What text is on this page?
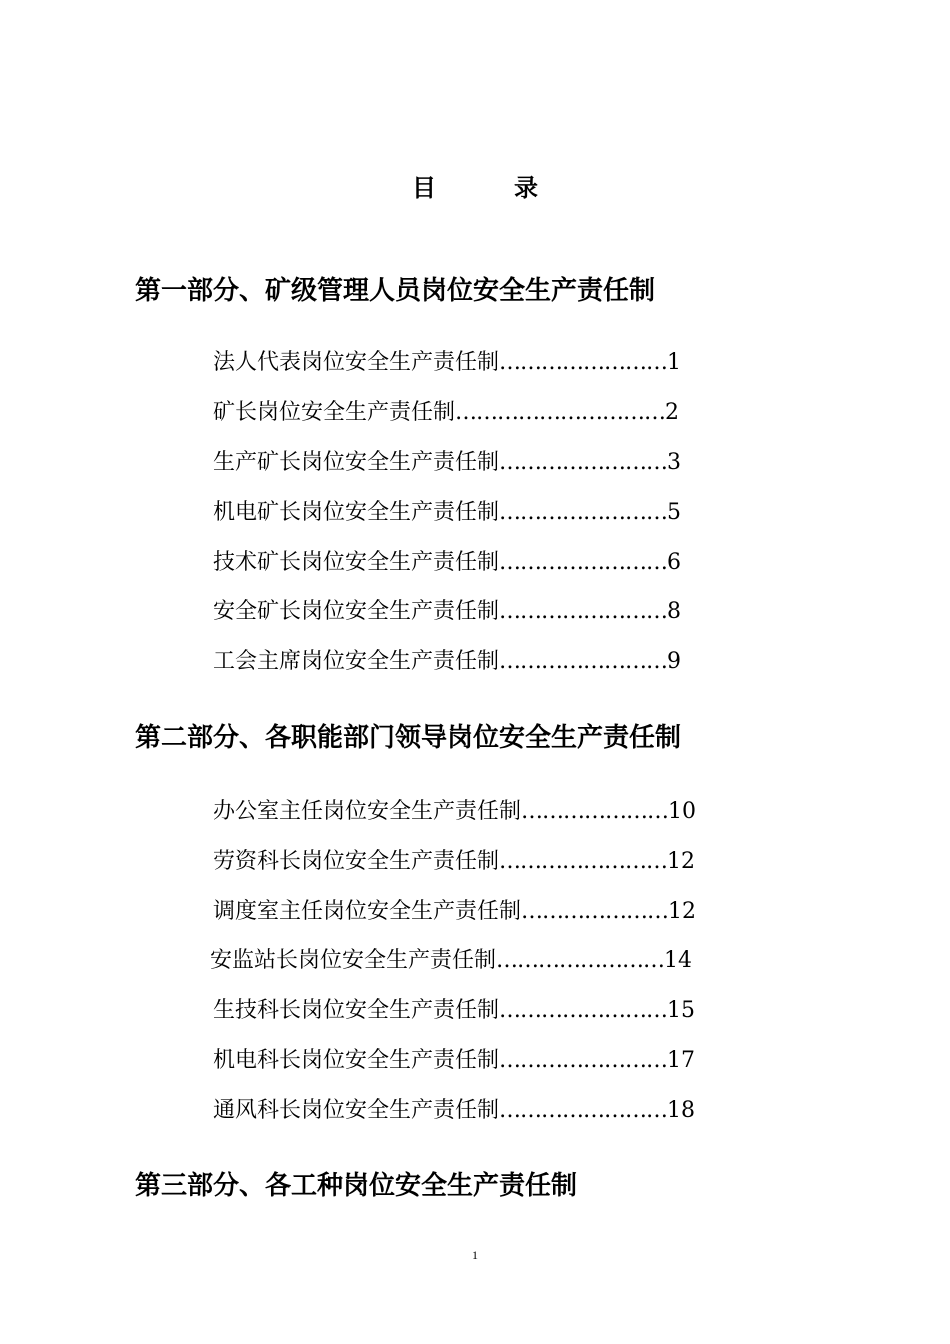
目	录
第一部分、矿级管理人员岗位安全生产责任制
法人代表岗位安全生产责任制 …………………… 1
矿长岗位安全生产责任制 ………………………… 2
生产矿长岗位安全生产责任制 …………………… 3
机电矿长岗位安全生产责任制 …………………… 5
技术矿长岗位安全生产责任制 …………………… 6
安全矿长岗位安全生产责任制 …………………… 8
工会主席岗位安全生产责任制 …………………… 9
第二部分、各职能部门领导岗位安全生产责任制
办公室主任岗位安全生产责任制 ………………… 10
劳资科长岗位安全生产责任制 …………………… 12
调度室主任岗位安全生产责任制 ………………… 12
安监站长岗位安全生产责任制 …………………… 14
生技科长岗位安全生产责任制 …………………… 15
机电科长岗位安全生产责任制 …………………… 17
通风科长岗位安全生产责任制 …………………… 18
第三部分、各工种岗位安全生产责任制
1
